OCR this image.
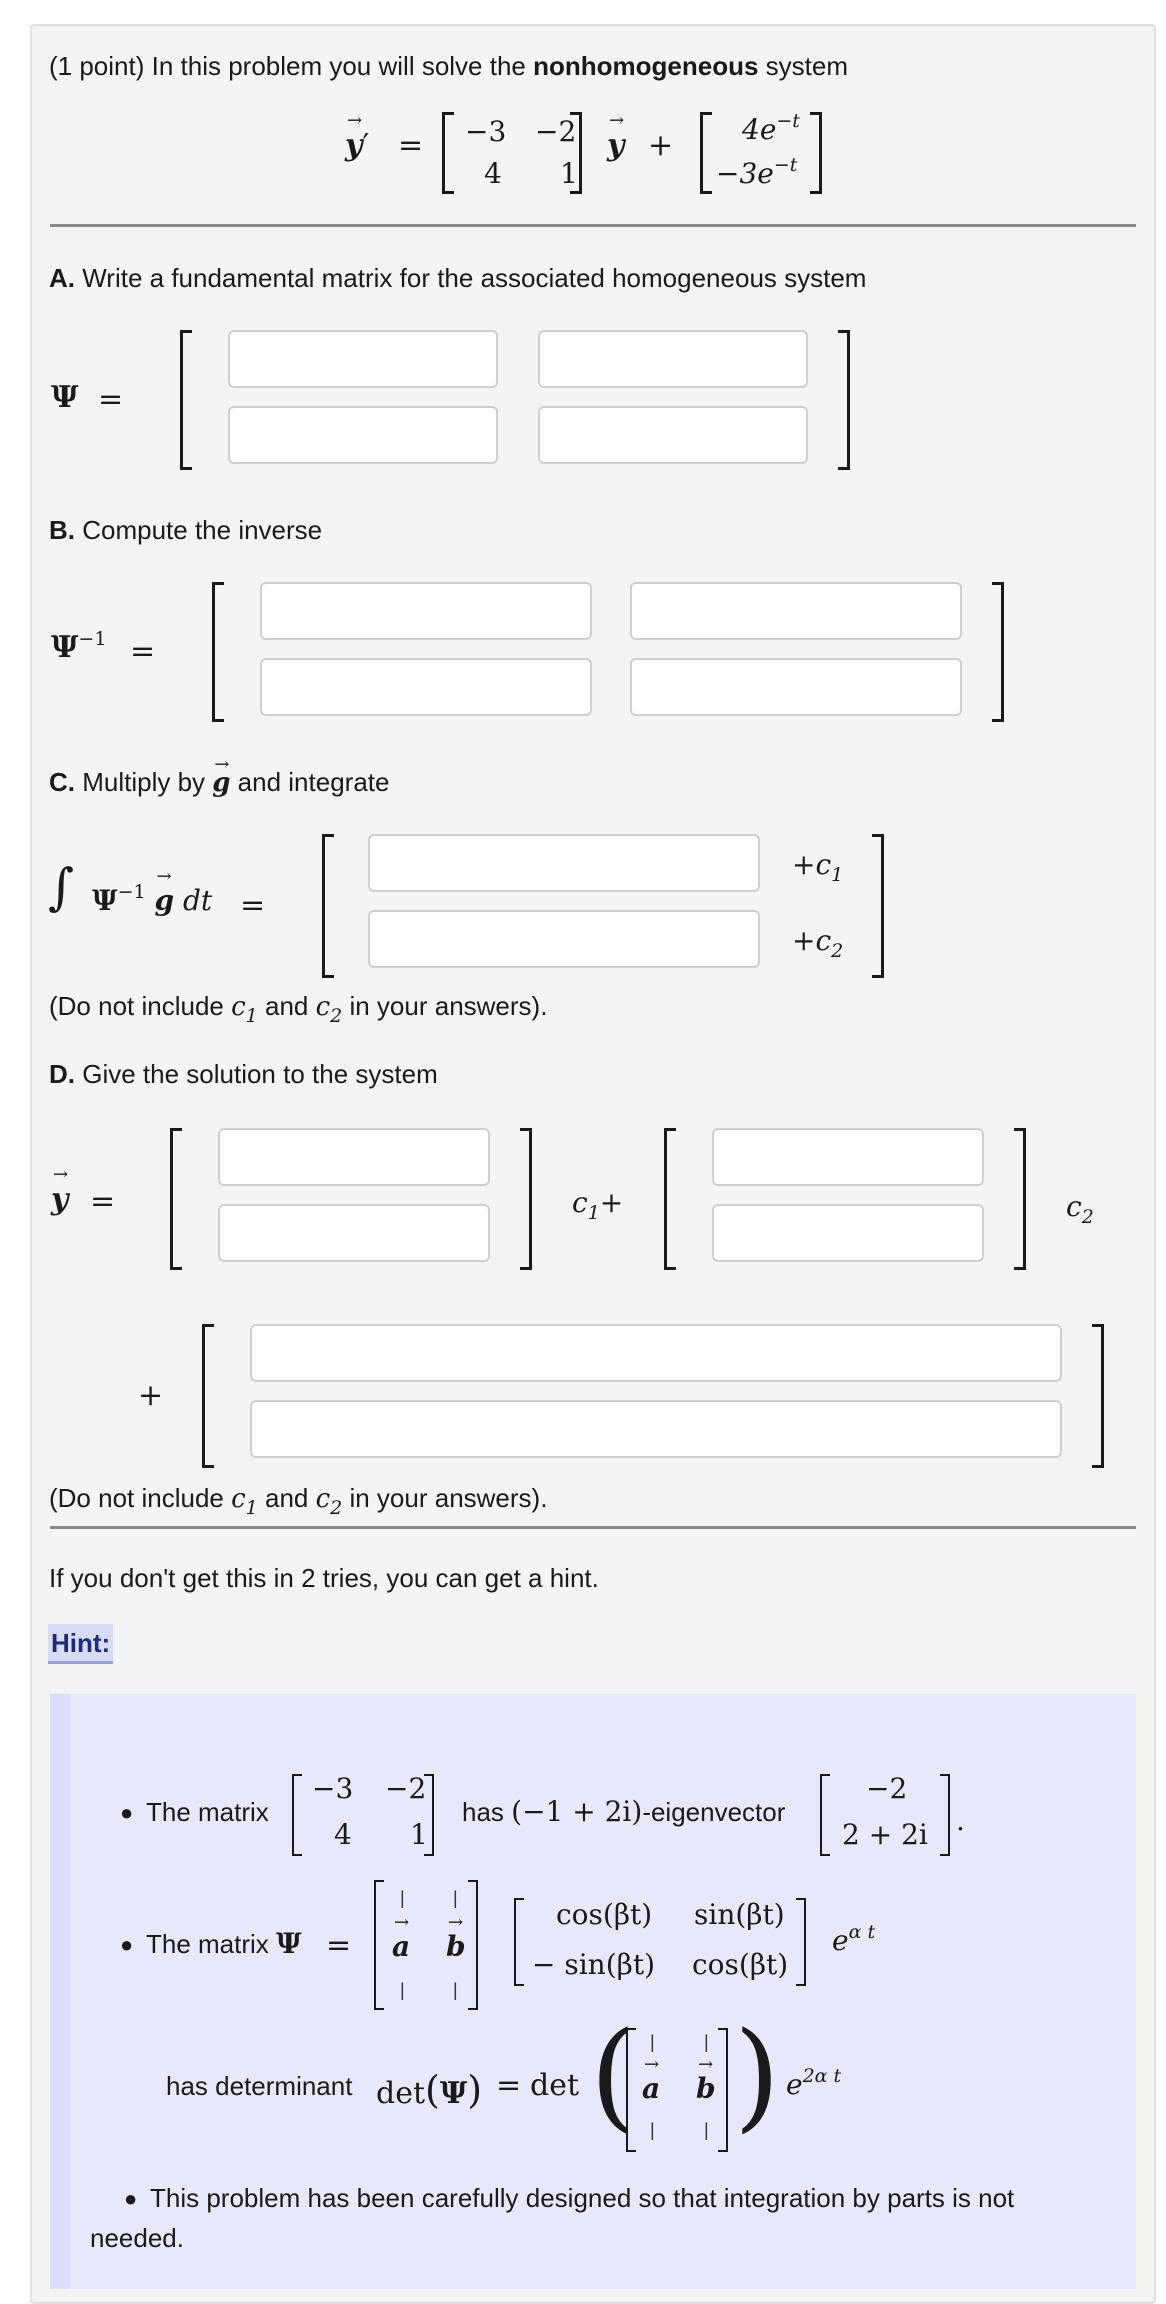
(1 point) In this problem you will solve the nonhomogeneous system
y →′ = −3 −2
4 1
y → + $4e^{-t}$
$-3e^{-t}$
A. Write a fundamental matrix for the associated homogeneous system
Ψ =
B. Compute the inverse
$\Psi^{-1}$ =
C. Multiply by g → and integrate
∫ $\Psi^{-1}$ g → dt =
$+c_1$
$+c_2$
(Do not include $c_1$ and $c_2$ in your answers).
D. Give the solution to the system
y → =	$c_1+$	$c_2$
+
(Do not include $c_1$ and $c_2$ in your answers).
If you don't get this in 2 tries, you can get a hint.
Hint:
● The matrix
−3 −2
4 1
has (−1 + 2i)-eigenvector
−2
2 + 2i .
● The matrix Ψ =
|	|
a → b →
|	|
cos(βt) sin(βt)
− sin(βt) cos(βt)
$e^{\alpha t}$
has determinant det(Ψ) = det ( |	|
a → b →
|	| ) $e^{2\alpha t}$
● This problem has been carefully designed so that integration by parts is not
needed.
